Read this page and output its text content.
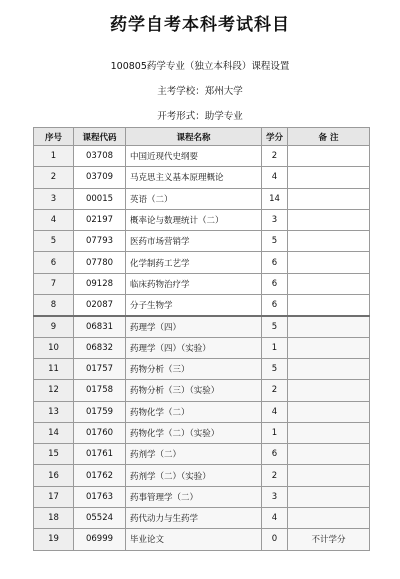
药学自考本科考试科目
100805药学专业（独立本科段）课程设置
主考学校：郑州大学
开考形式：助学专业
序号	课程代码	课程名称	学分	备 注
1	03708	中国近现代史纲要	2	
2	03709	马克思主义基本原理概论	4	
3	00015	英语（二）	14	
4	02197	概率论与数理统计（二）	3	
5	07793	医药市场营销学	5	
6	07780	化学制药工艺学	6	
7	09128	临床药物治疗学	6	
8	02087	分子生物学	6	
9	06831	药理学（四）	5	
10	06832	药理学（四）（实验）	1	
11	01757	药物分析（三）	5	
12	01758	药物分析（三）（实验）	2	
13	01759	药物化学（二）	4	
14	01760	药物化学（二）（实验）	1	
15	01761	药剂学（二）	6	
16	01762	药剂学（二）（实验）	2	
17	01763	药事管理学（二）	3	
18	05524	药代动力与生药学	4	
19	06999	毕业论文	0	不计学分
